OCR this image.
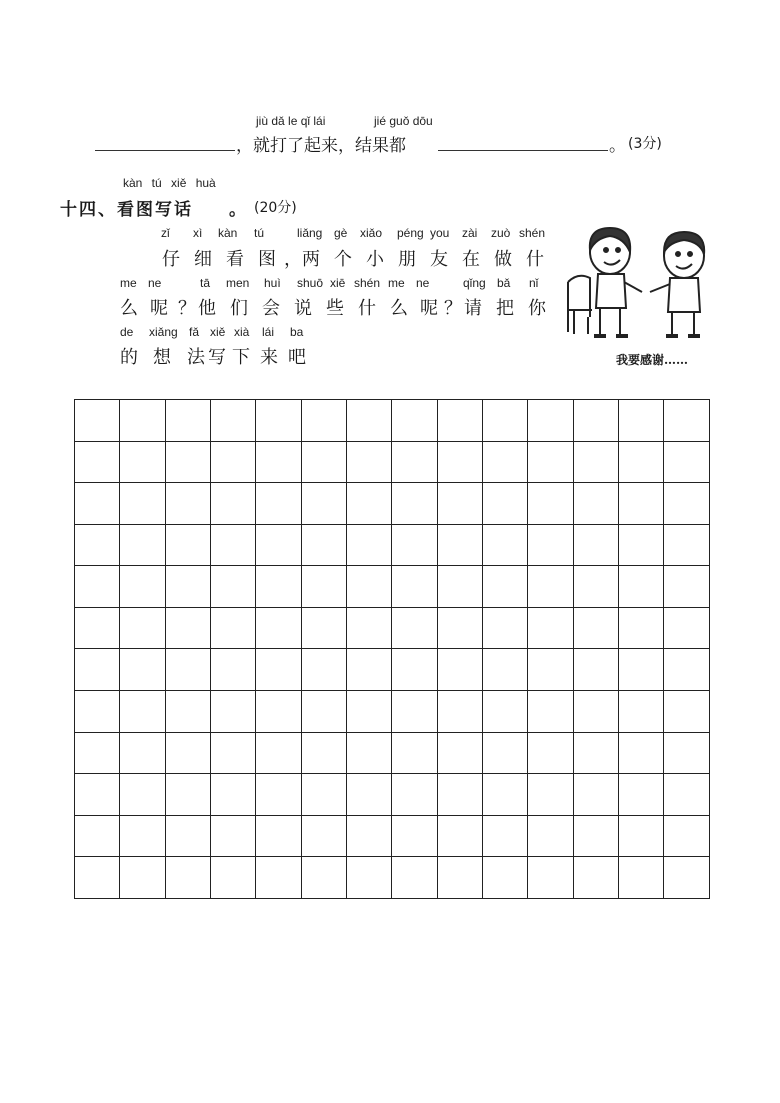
jiù dǎ le qǐ lái	jié guǒ dōu
，就打了起来，结果都	。 (3分)
kàn tú xiě huà
十四、看图写话 。 (20分)
zǐ xì kàn tú	liǎng gè xiǎo péng you zài zuò shén
仔 细 看 图 ， 两 个 小 朋 友 在 做 什
me ne	tā men huì shuō xiē shén me ne	qǐng bǎ nǐ
么 呢 ？ 他 们 会 说 些 什 么 呢 ？ 请 把 你
de xiǎng fǎ xiě xià lái ba
的 想 法 写 下 来 吧	我要感谢……
